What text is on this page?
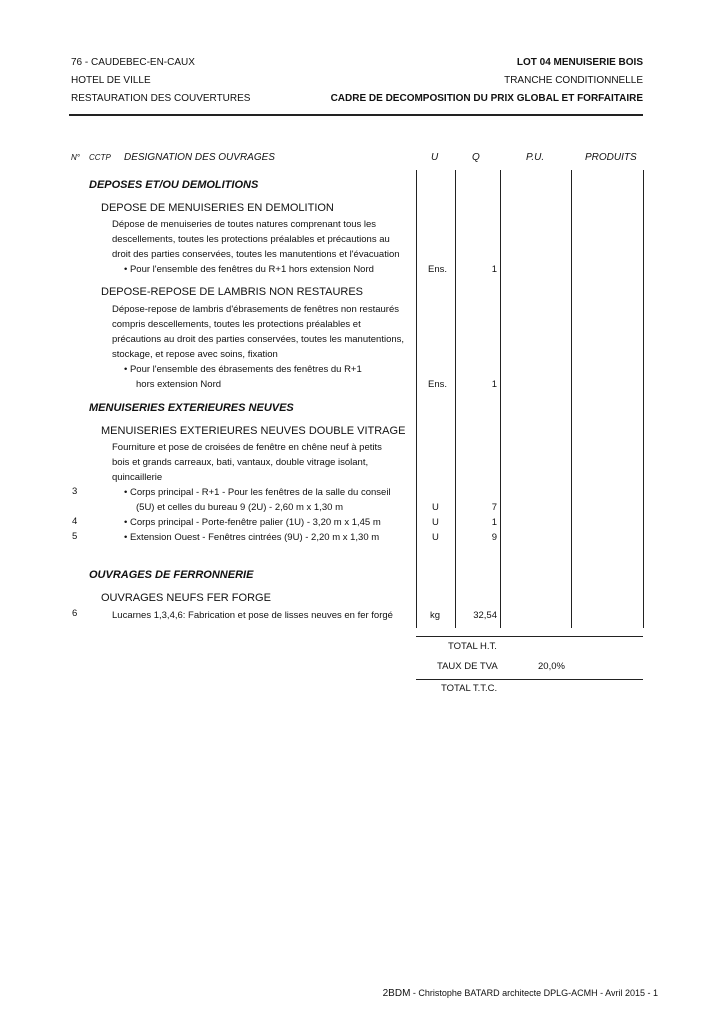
76 - CAUDEBEC-EN-CAUX
HOTEL DE VILLE
RESTAURATION DES COUVERTURES
LOT 04 MENUISERIE BOIS
TRANCHE CONDITIONNELLE
CADRE DE DECOMPOSITION DU PRIX GLOBAL ET FORFAITAIRE
N° CCTP DESIGNATION DES OUVRAGES	U	Q	P.U.	PRODUITS
DEPOSES ET/OU DEMOLITIONS
DEPOSE DE MENUISERIES EN DEMOLITION
Dépose de menuiseries de toutes natures comprenant tous les
descellements, toutes les protections préalables et précautions au
droit des parties conservées, toutes les manutentions et l'évacuation
• Pour l'ensemble des fenêtres du R+1 hors extension Nord	Ens.	1
DEPOSE-REPOSE DE LAMBRIS NON RESTAURES
Dépose-repose de lambris d'ébrasements de fenêtres non restaurés
compris descellements, toutes les protections préalables et
précautions au droit des parties conservées, toutes les manutentions,
stockage, et repose avec soins, fixation
• Pour l'ensemble des ébrasements des fenêtres du R+1
hors extension Nord	Ens.	1
MENUISERIES EXTERIEURES NEUVES
MENUISERIES EXTERIEURES NEUVES DOUBLE VITRAGE
Fourniture et pose de croisées de fenêtre en chêne neuf à petits
bois et grands carreaux, bati, vantaux, double vitrage isolant,
quincaillerie
3	• Corps principal - R+1 - Pour les fenêtres de la salle du conseil
(5U) et celles du bureau 9 (2U) - 2,60 m x 1,30 m	U	7
4	• Corps principal - Porte-fenêtre palier (1U) - 3,20 m x 1,45 m	U	1
5	• Extension Ouest - Fenêtres cintrées (9U) - 2,20 m x 1,30 m	U	9
OUVRAGES DE FERRONNERIE
OUVRAGES NEUFS FER FORGE
6	Lucarnes 1,3,4,6: Fabrication et pose de lisses neuves en fer forgé	kg	32,54
TOTAL H.T.
TAUX DE TVA	20,0%
TOTAL T.T.C.
2BDM - Christophe BATARD architecte DPLG-ACMH - Avril 2015 - 1
